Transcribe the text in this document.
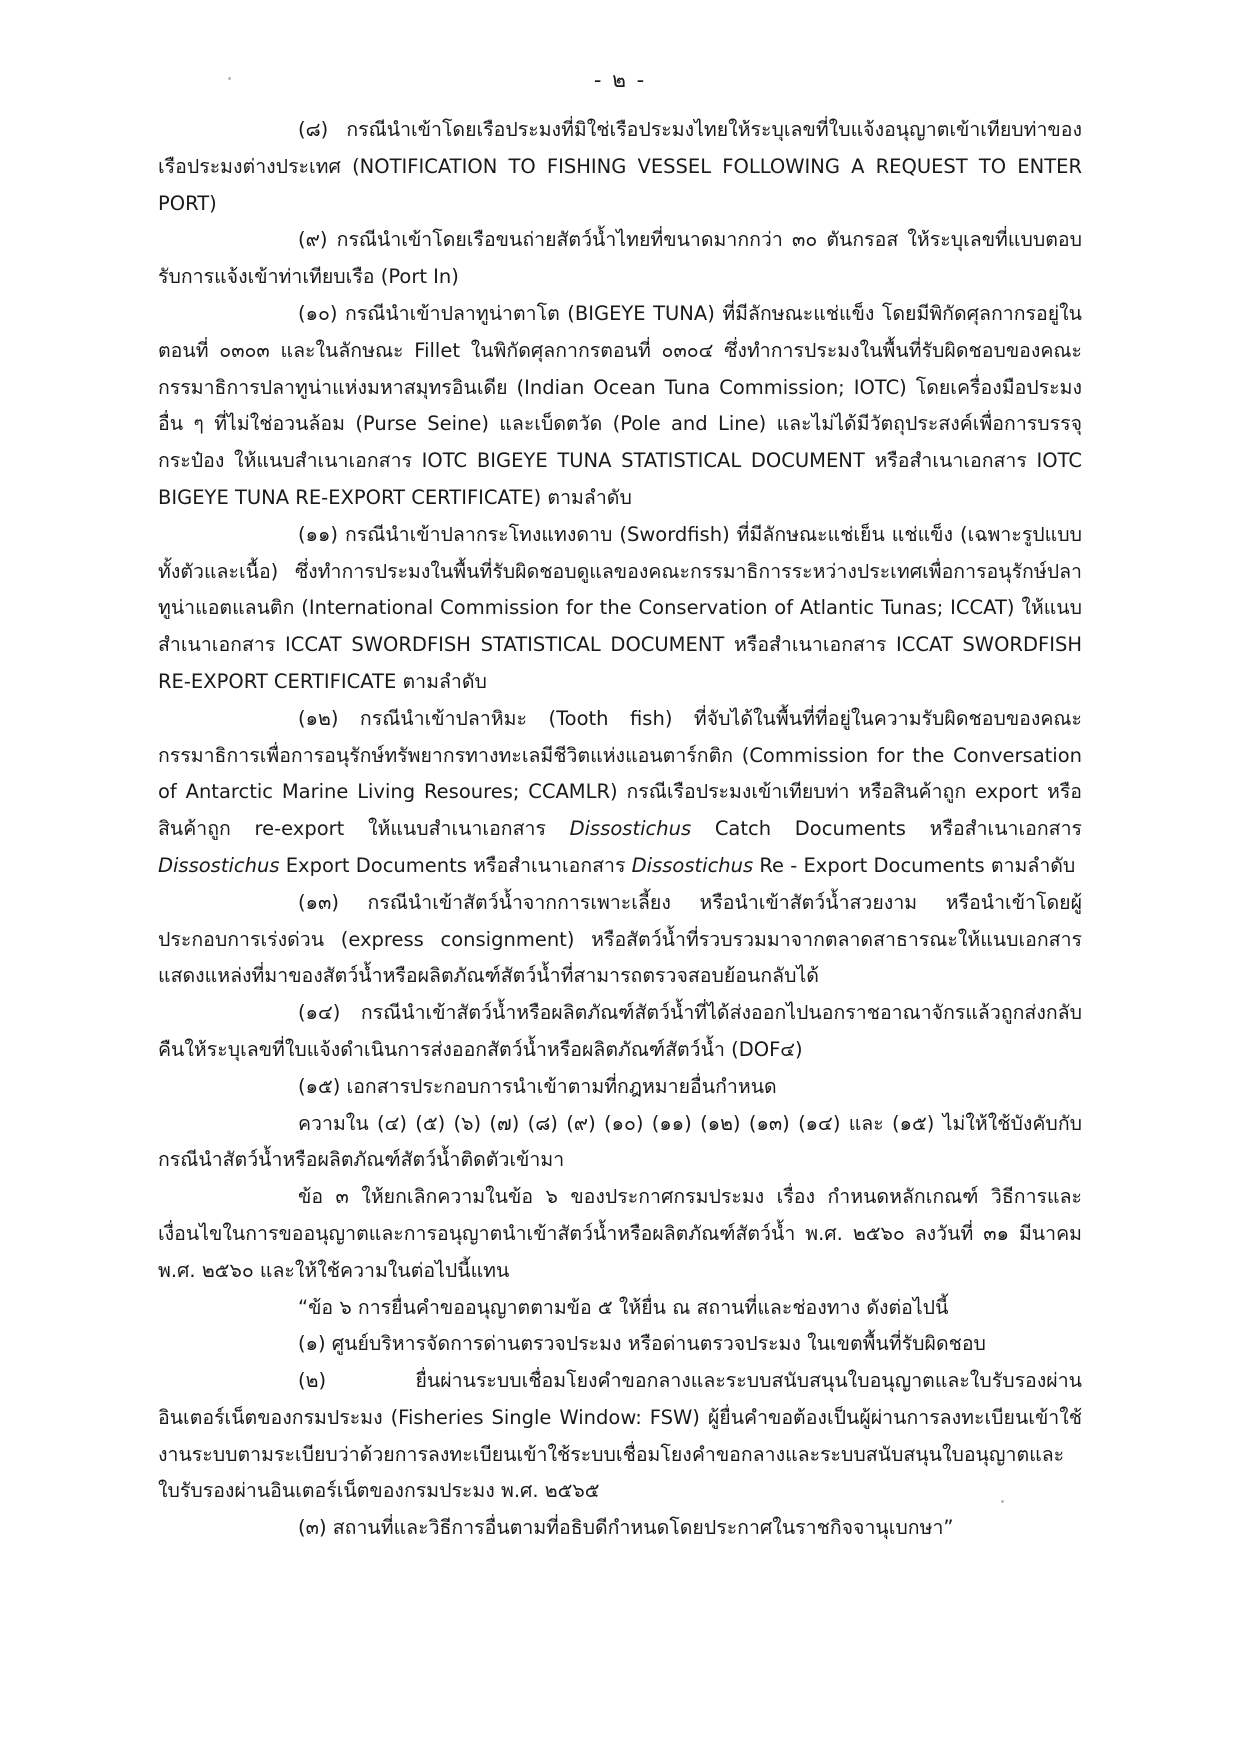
- ๒ -

(๘) กรณีนำเข้าโดยเรือประมงที่มิใช่เรือประมงไทยให้ระบุเลขที่ใบแจ้งอนุญาตเข้าเทียบท่าของเรือประมงต่างประเทศ (NOTIFICATION TO FISHING VESSEL FOLLOWING A REQUEST TO ENTER PORT)

(๙) กรณีนำเข้าโดยเรือขนถ่ายสัตว์น้ำไทยที่ขนาดมากกว่า ๓๐ ตันกรอส ให้ระบุเลขที่แบบตอบรับการแจ้งเข้าท่าเทียบเรือ (Port In)

(๑๐) กรณีนำเข้าปลาทูน่าตาโต (BIGEYE TUNA) ที่มีลักษณะแช่แข็ง โดยมีพิกัดศุลกากรอยู่ในตอนที่ ๐๓๐๓ และในลักษณะ Fillet ในพิกัดศุลกากรตอนที่ ๐๓๐๔ ซึ่งทำการประมงในพื้นที่รับผิดชอบของคณะกรรมาธิการปลาทูน่าแห่งมหาสมุทรอินเดีย (Indian Ocean Tuna Commission; IOTC) โดยเครื่องมือประมงอื่น ๆ ที่ไม่ใช่อวนล้อม (Purse Seine) และเบ็ดตวัด (Pole and Line) และไม่ได้มีวัตถุประสงค์เพื่อการบรรจุกระป๋อง ให้แนบสำเนาเอกสาร IOTC BIGEYE TUNA STATISTICAL DOCUMENT หรือสำเนาเอกสาร IOTC BIGEYE TUNA RE-EXPORT CERTIFICATE) ตามลำดับ

(๑๑) กรณีนำเข้าปลากระโทงแทงดาบ (Swordfish) ที่มีลักษณะแช่เย็น แช่แข็ง (เฉพาะรูปแบบทั้งตัวและเนื้อ) ซึ่งทำการประมงในพื้นที่รับผิดชอบดูแลของคณะกรรมาธิการระหว่างประเทศเพื่อการอนุรักษ์ปลาทูน่าแอตแลนติก (International Commission for the Conservation of Atlantic Tunas; ICCAT) ให้แนบสำเนาเอกสาร ICCAT SWORDFISH STATISTICAL DOCUMENT หรือสำเนาเอกสาร ICCAT SWORDFISH RE-EXPORT CERTIFICATE ตามลำดับ

(๑๒) กรณีนำเข้าปลาหิมะ (Tooth fish) ที่จับได้ในพื้นที่ที่อยู่ในความรับผิดชอบของคณะกรรมาธิการเพื่อการอนุรักษ์ทรัพยากรทางทะเลมีชีวิตแห่งแอนตาร์กติก (Commission for the Conversation of Antarctic Marine Living Resoures; CCAMLR) กรณีเรือประมงเข้าเทียบท่า หรือสินค้าถูก export หรือสินค้าถูก re-export ให้แนบสำเนาเอกสาร Dissostichus Catch Documents หรือสำเนาเอกสาร Dissostichus Export Documents หรือสำเนาเอกสาร Dissostichus Re - Export Documents ตามลำดับ

(๑๓) กรณีนำเข้าสัตว์น้ำจากการเพาะเลี้ยง หรือนำเข้าสัตว์น้ำสวยงาม หรือนำเข้าโดยผู้ประกอบการเร่งด่วน (express consignment) หรือสัตว์น้ำที่รวบรวมมาจากตลาดสาธารณะให้แนบเอกสารแสดงแหล่งที่มาของสัตว์น้ำหรือผลิตภัณฑ์สัตว์น้ำที่สามารถตรวจสอบย้อนกลับได้

(๑๔) กรณีนำเข้าสัตว์น้ำหรือผลิตภัณฑ์สัตว์น้ำที่ได้ส่งออกไปนอกราชอาณาจักรแล้วถูกส่งกลับคืนให้ระบุเลขที่ใบแจ้งดำเนินการส่งออกสัตว์น้ำหรือผลิตภัณฑ์สัตว์น้ำ (DOF๔)

(๑๕) เอกสารประกอบการนำเข้าตามที่กฎหมายอื่นกำหนด

ความใน (๔) (๕) (๖) (๗) (๘) (๙) (๑๐) (๑๑) (๑๒) (๑๓) (๑๔) และ (๑๕) ไม่ให้ใช้บังคับกับกรณีนำสัตว์น้ำหรือผลิตภัณฑ์สัตว์น้ำติดตัวเข้ามา

ข้อ ๓ ให้ยกเลิกความในข้อ ๖ ของประกาศกรมประมง เรื่อง กำหนดหลักเกณฑ์ วิธีการและเงื่อนไขในการขออนุญาตและการอนุญาตนำเข้าสัตว์น้ำหรือผลิตภัณฑ์สัตว์น้ำ พ.ศ. ๒๕๖๐ ลงวันที่ ๓๑ มีนาคม พ.ศ. ๒๕๖๐ และให้ใช้ความในต่อไปนี้แทน

“ข้อ ๖ การยื่นคำขออนุญาตตามข้อ ๕ ให้ยื่น ณ สถานที่และช่องทาง ดังต่อไปนี้

(๑) ศูนย์บริหารจัดการด่านตรวจประมง หรือด่านตรวจประมง ในเขตพื้นที่รับผิดชอบ

(๒) ยื่นผ่านระบบเชื่อมโยงคำขอกลางและระบบสนับสนุนใบอนุญาตและใบรับรองผ่านอินเตอร์เน็ตของกรมประมง (Fisheries Single Window: FSW) ผู้ยื่นคำขอต้องเป็นผู้ผ่านการลงทะเบียนเข้าใช้งานระบบตามระเบียบว่าด้วยการลงทะเบียนเข้าใช้ระบบเชื่อมโยงคำขอกลางและระบบสนับสนุนใบอนุญาตและใบรับรองผ่านอินเตอร์เน็ตของกรมประมง พ.ศ. ๒๕๖๕

(๓) สถานที่และวิธีการอื่นตามที่อธิบดีกำหนดโดยประกาศในราชกิจจานุเบกษา”
